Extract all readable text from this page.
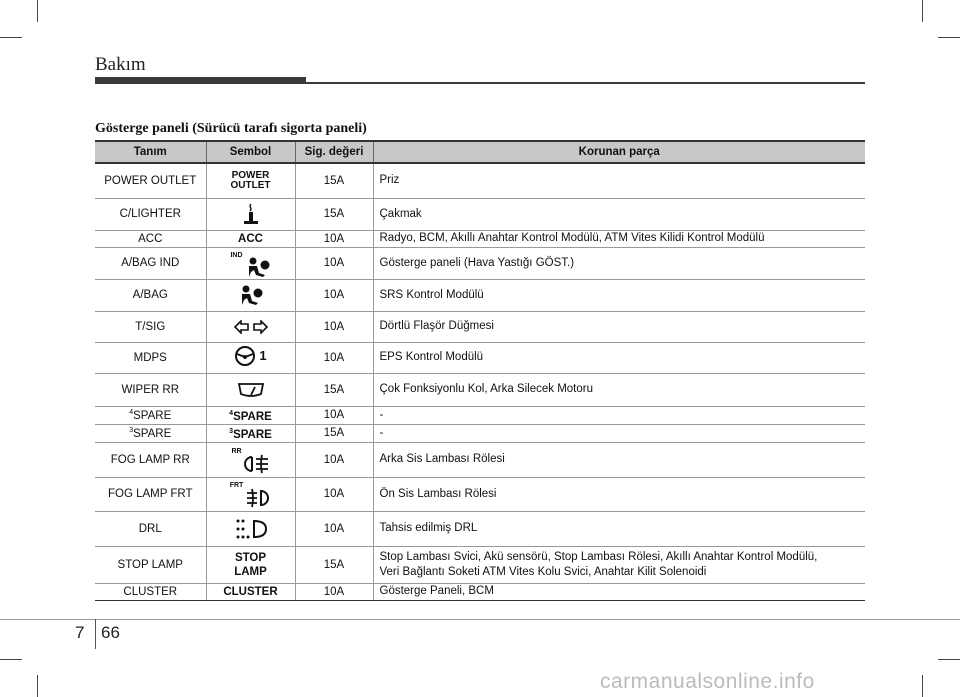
Bakım
Gösterge paneli (Sürücü tarafı sigorta paneli)
Tanım	Sembol	Sig. değeri	Korunan parça
POWER OUTLET	POWER OUTLET	15A	Priz
C/LIGHTER		15A	Çakmak
ACC	ACC	10A	Radyo, BCM, Akıllı Anahtar Kontrol Modülü, ATM Vites Kilidi Kontrol Modülü
A/BAG IND	IND	10A	Gösterge paneli (Hava Yastığı GÖST.)
A/BAG		10A	SRS Kontrol Modülü
T/SIG		10A	Dörtlü Flaşör Düğmesi
MDPS	1	10A	EPS Kontrol Modülü
WIPER RR		15A	Çok Fonksiyonlu Kol, Arka Silecek Motoru
$^4$SPARE	$^4$SPARE	10A	-
$^3$SPARE	$^3$SPARE	15A	-
FOG LAMP RR	RR	10A	Arka Sis Lambası Rölesi
FOG LAMP FRT	FRT	10A	Ön Sis Lambası Rölesi
DRL		10A	Tahsis edilmiş DRL
STOP LAMP	STOP LAMP	15A	Stop Lambası Svici, Akü sensörü, Stop Lambası Rölesi, Akıllı Anahtar Kontrol Modülü,
Veri Bağlantı Soketi ATM Vites Kolu Svici, Anahtar Kilit Solenoidi

CLUSTER	CLUSTER	10A	Gösterge Paneli, BCM
7 66
carmanualsonline.info
